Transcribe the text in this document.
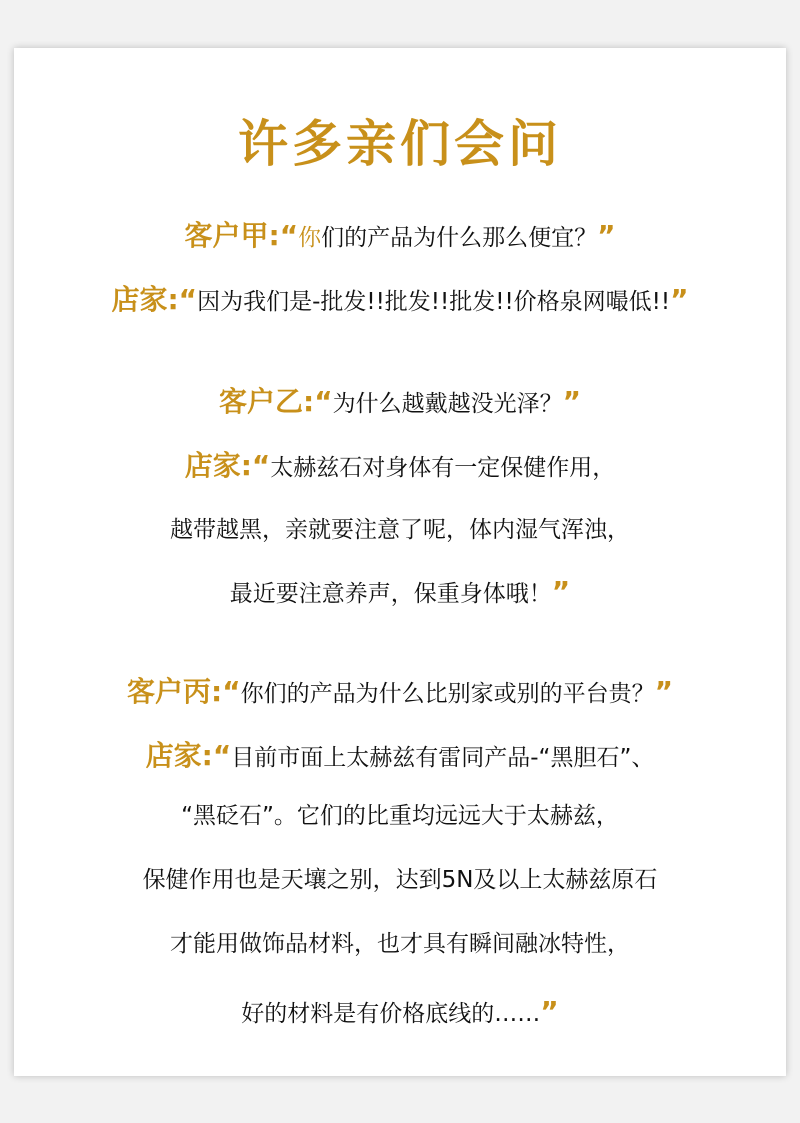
许多亲们会问
客户甲:“你们的产品为什么那么便宜？”
店家:“因为我们是-批发!!批发!!批发!!价格泉网嘬低!!”
客户乙:“为什么越戴越没光泽？”
店家:“太赫兹石对身体有一定保健作用，
越带越黑，亲就要注意了呢，体内湿气浑浊，
最近要注意养声，保重身体哦！”
客户丙:“你们的产品为什么比别家或别的平台贵？”
店家:“目前市面上太赫兹有雷同产品-“黑胆石”、
“黑砭石”。它们的比重均远远大于太赫兹，
保健作用也是天壤之别，达到5N及以上太赫兹原石
才能用做饰品材料，也才具有瞬间融冰特性，
好的材料是有价格底线的……”
